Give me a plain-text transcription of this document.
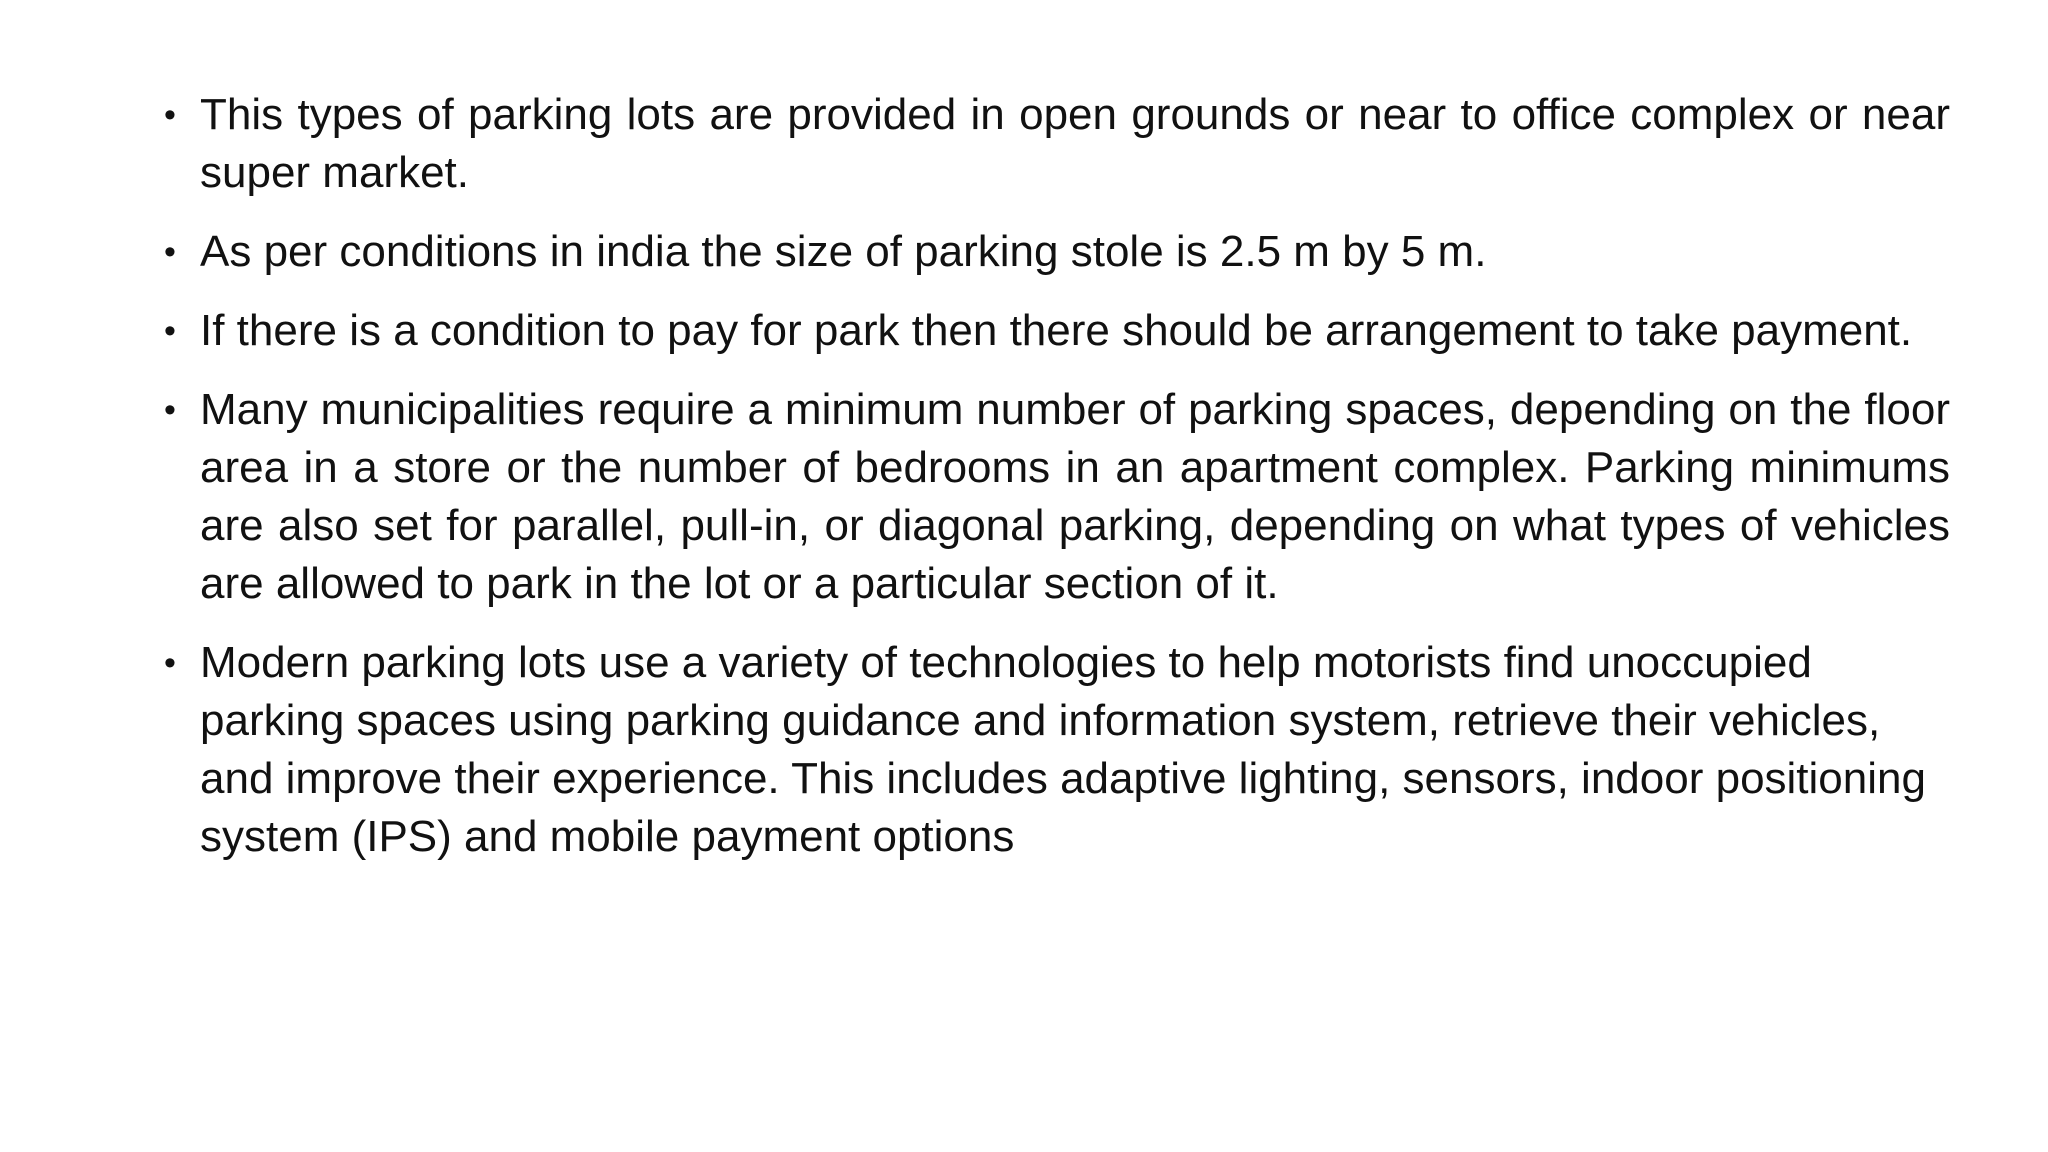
• This types of parking lots are provided in open grounds or near to office complex or near super market.
• As per conditions in india the size of parking stole is 2.5 m by 5 m.
• If there is a condition to pay for park then there should be arrangement to take payment.
• Many municipalities require a minimum number of parking spaces, depending on the floor area in a store or the number of bedrooms in an apartment complex. Parking minimums are also set for parallel, pull-in, or diagonal parking, depending on what types of vehicles are allowed to park in the lot or a particular section of it.
• Modern parking lots use a variety of technologies to help motorists find unoccupied parking spaces using parking guidance and information system, retrieve their vehicles, and improve their experience. This includes adaptive lighting, sensors, indoor positioning system (IPS) and mobile payment options
